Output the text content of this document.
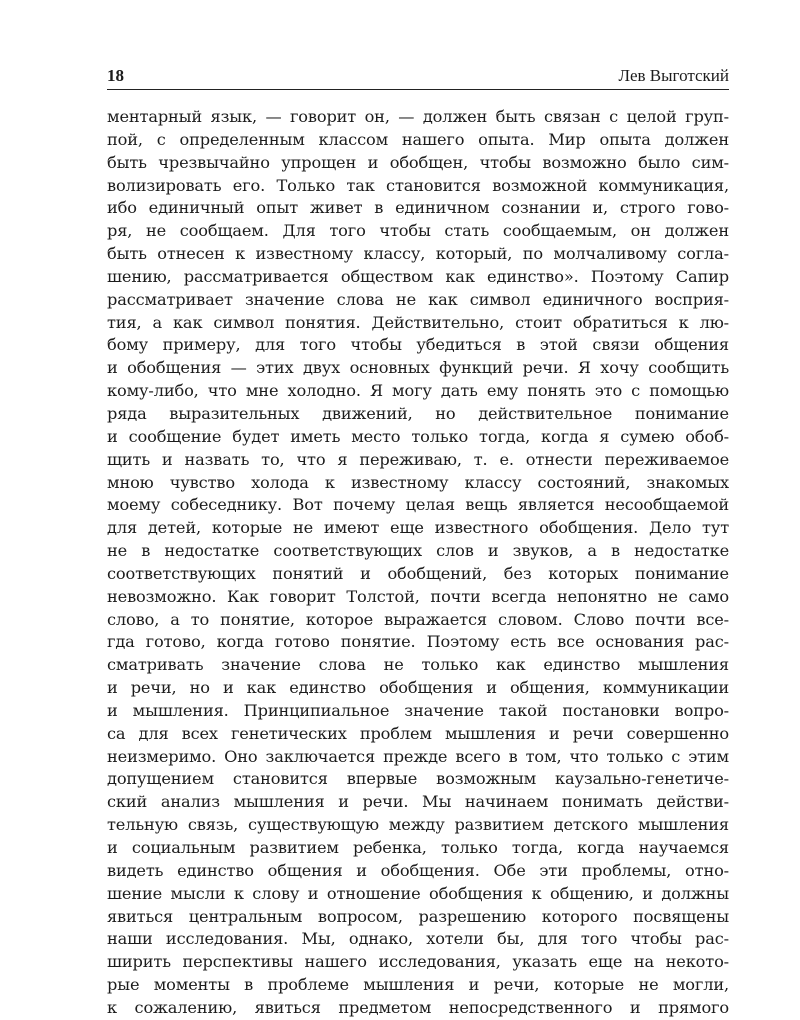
18	Лев Выготский
ментарный язык, — говорит он, — должен быть связан с целой груп-
пой, с определенным классом нашего опыта. Мир опыта должен
быть чрезвычайно упрощен и обобщен, чтобы возможно было сим-
волизировать его. Только так становится возможной коммуникация,
ибо единичный опыт живет в единичном сознании и, строго гово-
ря, не сообщаем. Для того чтобы стать сообщаемым, он должен
быть отнесен к известному классу, который, по молчаливому согла-
шению, рассматривается обществом как единство». Поэтому Сапир
рассматривает значение слова не как символ единичного восприя-
тия, а как символ понятия. Действительно, стоит обратиться к лю-
бому примеру, для того чтобы убедиться в этой связи общения
и обобщения — этих двух основных функций речи. Я хочу сообщить
кому-либо, что мне холодно. Я могу дать ему понять это с помощью
ряда выразительных движений, но действительное понимание
и сообщение будет иметь место только тогда, когда я сумею обоб-
щить и назвать то, что я переживаю, т. е. отнести переживаемое
мною чувство холода к известному классу состояний, знакомых
моему собеседнику. Вот почему целая вещь является несообщаемой
для детей, которые не имеют еще известного обобщения. Дело тут
не в недостатке соответствующих слов и звуков, а в недостатке
соответствующих понятий и обобщений, без которых понимание
невозможно. Как говорит Толстой, почти всегда непонятно не само
слово, а то понятие, которое выражается словом. Слово почти все-
гда готово, когда готово понятие. Поэтому есть все основания рас-
сматривать значение слова не только как единство мышления
и речи, но и как единство обобщения и общения, коммуникации
и мышления. Принципиальное значение такой постановки вопро-
са для всех генетических проблем мышления и речи совершенно
неизмеримо. Оно заключается прежде всего в том, что только с этим
допущением становится впервые возможным каузально-генетиче-
ский анализ мышления и речи. Мы начинаем понимать действи-
тельную связь, существующую между развитием детского мышления
и социальным развитием ребенка, только тогда, когда научаемся
видеть единство общения и обобщения. Обе эти проблемы, отно-
шение мысли к слову и отношение обобщения к общению, и должны
явиться центральным вопросом, разрешению которого посвящены
наши исследования. Мы, однако, хотели бы, для того чтобы рас-
ширить перспективы нашего исследования, указать еще на некото-
рые моменты в проблеме мышления и речи, которые не могли,
к сожалению, явиться предметом непосредственного и прямого
